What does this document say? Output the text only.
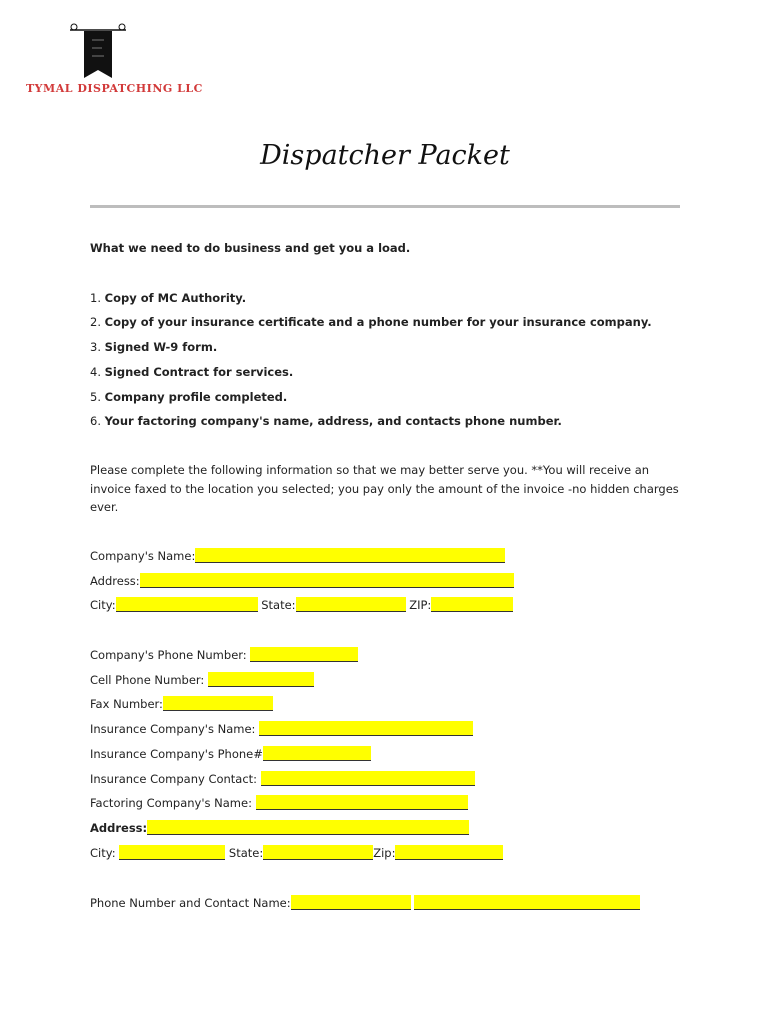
TYMAL DISPATCHING LLC
Dispatcher Packet
What we need to do business and get you a load.
1. Copy of MC Authority.
2. Copy of your insurance certificate and a phone number for your insurance company.
3. Signed W-9 form.
4. Signed Contract for services.
5. Company profile completed.
6. Your factoring company's name, address, and contacts phone number.
Please complete the following information so that we may better serve you. **You will receive an invoice faxed to the location you selected; you pay only the amount of the invoice -no hidden charges ever.
Company's Name:
Address:
City:	State:	ZIP:
Company's Phone Number:
Cell Phone Number:
Fax Number:
Insurance Company's Name:
Insurance Company's Phone#
Insurance Company Contact:
Factoring Company's Name:
Address:
City:	State:	Zip:
Phone Number and Contact Name:
